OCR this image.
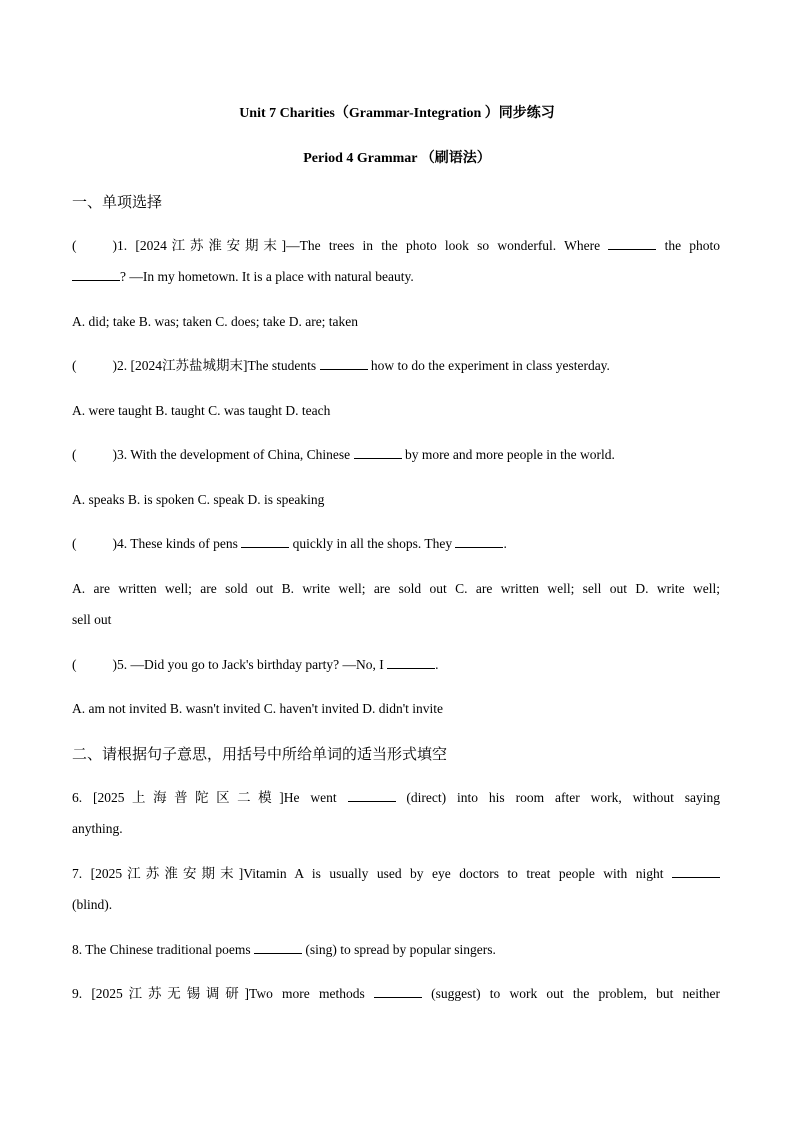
Unit 7 Charities（Grammar-Integration ）同步练习
Period 4 Grammar （刷语法）
一、单项选择
(	)1. [2024江苏淮安期末]—The trees in the photo look so wonderful. Where	the photo
? —In my hometown. It is a place with natural beauty.
A. did; take B. was; taken C. does; take D. are; taken
(	)2. [2024江苏盐城期末]The students	how to do the experiment in class yesterday.
A. were taught B. taught C. was taught D. teach
(	)3. With the development of China, Chinese	by more and more people in the world.
A. speaks B. is spoken C. speak D. is speaking
(	)4. These kinds of pens	quickly in all the shops. They	.
A. are written well; are sold out B. write well; are sold out C. are written well; sell out D. write well;
sell out
(	)5. —Did you go to Jack's birthday party? —No, I	.
A. am not invited B. wasn't invited C. haven't invited D. didn't invite
二、请根据句子意思，用括号中所给单词的适当形式填空
6. [2025上海普陀区二模]He went	(direct) into his room after work, without saying
anything.
7. [2025江苏淮安期末]Vitamin A is usually used by eye doctors to treat people with night
(blind).
8. The Chinese traditional poems	(sing) to spread by popular singers.
9. [2025江苏无锡调研]Two more methods	(suggest) to work out the problem, but neither
